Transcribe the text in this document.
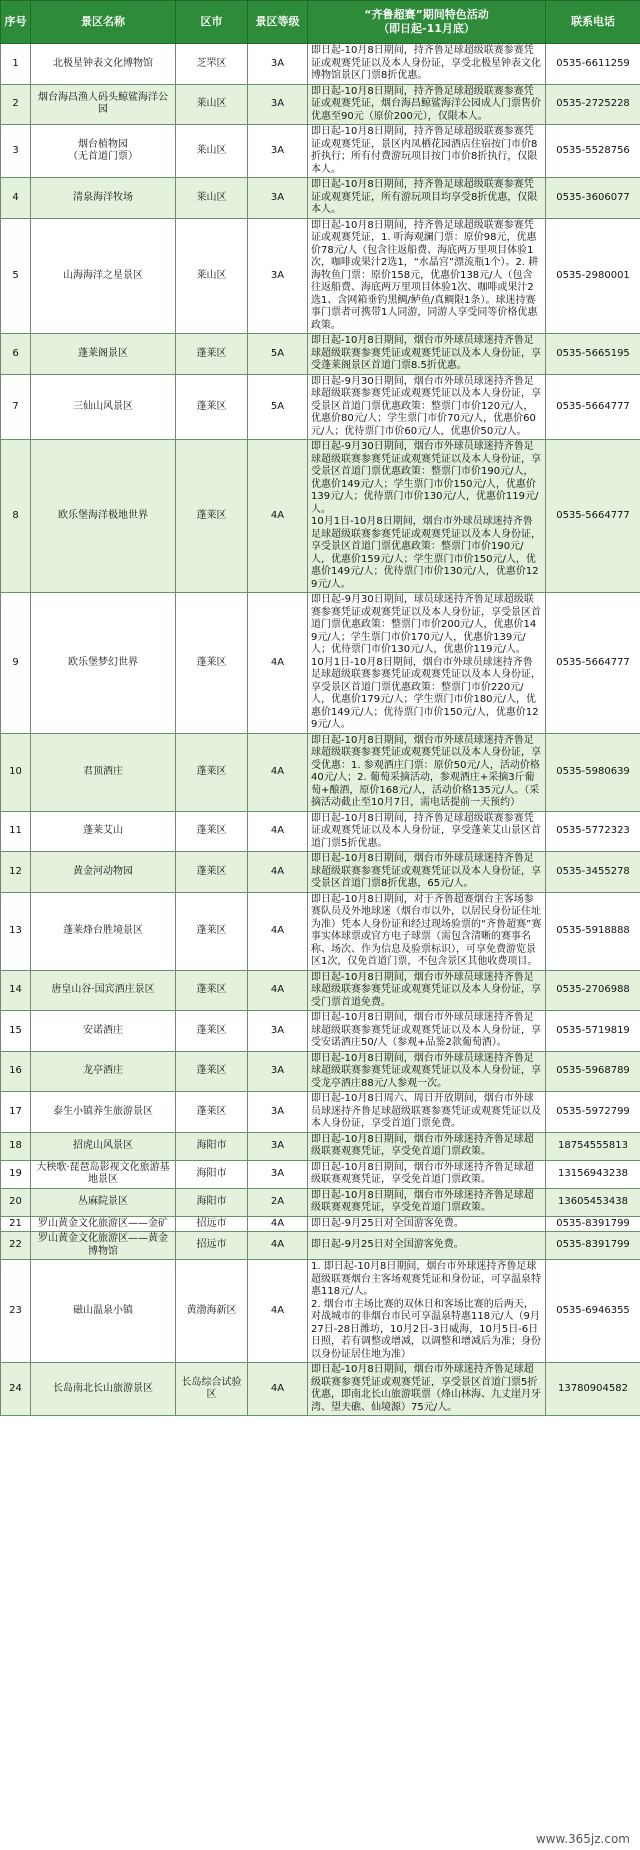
序号	景区名称	区市	景区等级	“齐鲁超赛”期间特色活动
（即日起-11月底）	联系电话
1	北极星钟表文化博物馆	芝罘区	3A	即日起-10月8日期间，持齐鲁足球超级联赛参赛凭证或观赛凭证以及本人身份证，享受北极星钟表文化博物馆景区门票8折优惠。	0535-6611259
2	烟台海昌渔人码头鲸鲨海洋公园	莱山区	3A	即日起-10月8日期间，持齐鲁足球超级联赛参赛凭证或观赛凭证，烟台海昌鲸鲨海洋公园成人门票售价优惠至90元（原价200元），仅限本人。	0535-2725228
3	烟台植物园
（无首道门票）	莱山区	3A	即日起-10月8日期间，持齐鲁足球超级联赛参赛凭证或观赛凭证，景区内凤栖花园酒店住宿按门市价8折执行；所有付费游玩项目按门市价8折执行，仅限本人。	0535-5528756
4	清泉海洋牧场	莱山区	3A	即日起-10月8日期间，持齐鲁足球超级联赛参赛凭证或观赛凭证，所有游玩项目均享受8折优惠，仅限本人。	0535-3606077
5	山海海洋之星景区	莱山区	3A	即日起-10月8日期间，持齐鲁足球超级联赛参赛凭证或观赛凭证，1. 听海观澜门票：原价98元，优惠价78元/人（包含往返船费、海底两万里项目体验1次，咖啡或果汁2选1，“水晶宫”漂流瓶1个）。2. 耕海牧鱼门票：原价158元，优惠价138元/人（包含往返船费、海底两万里项目体验1次、咖啡或果汁2选1、含网箱垂钓黑鲷/鲈鱼/真鲷限1条）。球迷持赛事门票者可携带1人同游，同游人享受同等价格优惠政策。	0535-2980001
6	蓬莱阁景区	蓬莱区	5A	即日起-10月8日期间，烟台市外球员球迷持齐鲁足球超级联赛参赛凭证或观赛凭证以及本人身份证，享受蓬莱阁景区首道门票8.5折优惠。	0535-5665195
7	三仙山风景区	蓬莱区	5A	即日起-9月30日期间，烟台市外球员球迷持齐鲁足球超级联赛参赛凭证或观赛凭证以及本人身份证，享受景区首道门票优惠政策：整票门市价120元/人，优惠价80元/人；学生票门市价70元/人，优惠价60元/人；优待票门市价60元/人，优惠价50元/人。	0535-5664777
8	欧乐堡海洋极地世界	蓬莱区	4A	即日起-9月30日期间，烟台市外球员球迷持齐鲁足球超级联赛参赛凭证或观赛凭证以及本人身份证，享受景区首道门票优惠政策：整票门市价190元/人，优惠价149元/人；学生票门市价150元/人，优惠价139元/人；优待票门市价130元/人，优惠价119元/人。
10月1日-10月8日期间，烟台市外球员球迷持齐鲁足球超级联赛参赛凭证或观赛凭证以及本人身份证，享受景区首道门票优惠政策：整票门市价190元/人，优惠价159元/人；学生票门市价150元/人，优惠价149元/人；优待票门市价130元/人，优惠价129元/人。	0535-5664777
9	欧乐堡梦幻世界	蓬莱区	4A	即日起-9月30日期间，球员球迷持齐鲁足球超级联赛参赛凭证或观赛凭证以及本人身份证，享受景区首道门票优惠政策：整票门市价200元/人，优惠价149元/人；学生票门市价170元/人，优惠价139元/人；优待票门市价130元/人，优惠价119元/人。
10月1日-10月8日期间，烟台市外球员球迷持齐鲁足球超级联赛参赛凭证或观赛凭证以及本人身份证，享受景区首道门票优惠政策：整票门市价220元/人，优惠价179元/人；学生票门市价180元/人，优惠价149元/人；优待票门市价150元/人，优惠价129元/人。	0535-5664777
10	君顶酒庄	蓬莱区	4A	即日起-10月8日期间，烟台市外球员球迷持齐鲁足球超级联赛参赛凭证或观赛凭证以及本人身份证，享受优惠：1. 参观酒庄门票：原价50元/人，活动价格40元/人；2. 葡萄采摘活动，参观酒庄+采摘3斤葡萄+酿酒，原价168元/人，活动价格135元/人。（采摘活动截止至10月7日，需电话提前一天预约）	0535-5980639
11	蓬莱艾山	蓬莱区	4A	即日起-10月8日期间，持齐鲁足球超级联赛参赛凭证或观赛凭证以及本人身份证，享受蓬莱艾山景区首道门票5折优惠。	0535-5772323
12	黄金河动物园	蓬莱区	4A	即日起-10月8日期间，烟台市外球员球迷持齐鲁足球超级联赛参赛凭证或观赛凭证以及本人身份证，享受景区首道门票8折优惠，65元/人。	0535-3455278
13	蓬莱烽台胜境景区	蓬莱区	4A	即日起-10月8日期间，对于齐鲁超赛烟台主客场参赛队员及外地球迷（烟台市以外，以居民身份证住址为准）凭本人身份证和经过现场验票的“齐鲁超赛”赛事实体球票或官方电子球票（需包含清晰的赛事名称、场次、作为信息及验票标识），可享免费游览景区1次，仅免首道门票，不包含景区其他收费项目。	0535-5918888
14	唐皇山谷·国宾酒庄景区	蓬莱区	4A	即日起-10月8日期间，烟台市外球员球迷持齐鲁足球超级联赛参赛凭证或观赛凭证以及本人身份证，享受门票首道免费。	0535-2706988
15	安诺酒庄	蓬莱区	3A	即日起-10月8日期间，烟台市外球员球迷持齐鲁足球超级联赛参赛凭证或观赛凭证以及本人身份证，享受安诺酒庄50/人（参观+品鉴2款葡萄酒）。	0535-5719819
16	龙亭酒庄	蓬莱区	3A	即日起-10月8日期间，烟台市外球员球迷持齐鲁足球超级联赛参赛凭证或观赛凭证以及本人身份证，享受龙亭酒庄88元/人参观一次。	0535-5968789
17	泰生小镇养生旅游景区	蓬莱区	3A	即日起-10月8日周六、周日开放期间，烟台市外球员球迷持齐鲁足球超级联赛参赛凭证或观赛凭证以及本人身份证，享受首道门票免费。	0535-5972799
18	招虎山风景区	海阳市	3A	即日起-10月8日期间，烟台市外球迷持齐鲁足球超级联赛观赛凭证，享受免首道门票政策。	18754555813
19	大秧歌·琵琶岛影视文化旅游基地景区	海阳市	3A	即日起-10月8日期间，烟台市外球迷持齐鲁足球超级联赛观赛凭证，享受免首道门票政策。	13156943238
20	丛麻院景区	海阳市	2A	即日起-10月8日期间，烟台市外球迷持齐鲁足球超级联赛观赛凭证，享受免首道门票政策。	13605453438
21	罗山黄金文化旅游区——金矿	招远市	4A	即日起-9月25日对全国游客免费。	0535-8391799
22	罗山黄金文化旅游区——黄金博物馆	招远市	4A	即日起-9月25日对全国游客免费。	0535-8391799
23	磁山温泉小镇	黄渤海新区	4A	1. 即日起-10月8日期间，烟台市外球迷持齐鲁足球超级联赛烟台主客场观赛凭证和身份证，可享温泉特惠118元/人。
2. 烟台市主场比赛的双休日和客场比赛的后两天，对战城市的非烟台市民可享温泉特惠118元/人（9月27日-28日潍坊，10月2日-3日威海，10月5日-6日日照，若有调整或增减，以调整和增减后为准；身份以身份证居住地为准）	0535-6946355
24	长岛南北长山旅游景区	长岛综合试验区	4A	即日起-10月8日期间，烟台市外球迷持齐鲁足球超级联赛参赛凭证或观赛凭证，享受景区首道门票5折优惠，即南北长山旅游联票（烽山林海、九丈崖月牙湾、望夫礁、仙境源）75元/人。	13780904582
www.365jz.com
